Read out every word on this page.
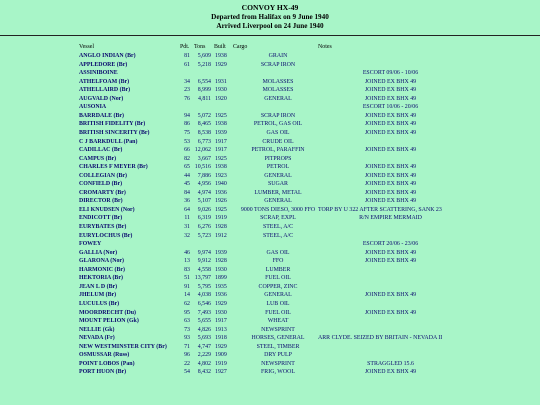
CONVOY HX-49
Departed from Halifax on 9 June 1940
Arrived Liverpool on 24 June 1940
Vessel	Pdt. Tons Built Cargo	Notes
ANGLO INDIAN (Br)	81	5,609 1938	GRAIN
APPLEDORE (Br)	61	5,218 1929	SCRAP IRON
ASSINIBOINE	ESCORT 09/06 - 10/06
ATHELFOAM (Br)	34	6,554 1931	MOLASSES	JOINED EX BHX 49
ATHELLAIRD (Br)	23	8,999 1930	MOLASSES	JOINED EX BHX 49
AUGVALD (Nor)	76	4,811 1920	GENERAL	JOINED EX BHX 49
AUSONIA	ESCORT 10/06 - 20/06
BARRDALE (Br)	94	5,072 1925	SCRAP IRON	JOINED EX BHX 49
BRITISH FIDELITY (Br)	86	8,465 1938	PETROL, GAS OIL	JOINED EX BHX 49
BRITISH SINCERITY (Br)	75	8,538 1939	GAS OIL	JOINED EX BHX 49
C J BARKDULL (Pan)	53	6,773 1917	CRUDE OIL
CADILLAC (Br)	66 12,062 1917	PETROL, PARAFFIN	JOINED EX BHX 49
CAMPUS (Br)	82	3,667 1925	PITPROPS
CHARLES F MEYER (Br)	65 10,516 1938	PETROL	JOINED EX BHX 49
COLLEGIAN (Br)	44	7,886 1923	GENERAL	JOINED EX BHX 49
CONFIELD (Br)	45	4,956 1940	SUGAR	JOINED EX BHX 49
CROMARTY (Br)	84	4,974 1936	LUMBER, METAL	JOINED EX BHX 49
DIRECTOR (Br)	36	5,107 1926	GENERAL	JOINED EX BHX 49
ELI KNUDSEN (Nor)	64	9,026 1925	9000 TONS DIESO, 3000 FFO TORP BY U 322 AFTER SCATTERING, SANK 23
ENDICOTT (Br)	11	6,319 1919	SCRAP, EXPL	R/N EMPIRE MERMAID
EURYBATES (Br)	31	6,276 1928	STEEL, A/C
EURYLOCHUS (Br)	32	5,723 1912	STEEL, A/C
FOWEY	ESCORT 20/06 - 23/06
GALLIA (Nor)	46	9,974 1939	GAS OIL	JOINED EX BHX 49
GLARONA (Nor)	13	9,912 1928	FFO	JOINED EX BHX 49
HARMONIC (Br)	83	4,558 1930	LUMBER
HEKTORIA (Br)	51 13,797 1899	FUEL OIL
JEAN L D (Br)	91	5,795 1935	COPPER, ZINC
JHELUM (Br)	14	4,038 1936	GENERAL	JOINED EX BHX 49
LUCULUS (Br)	62	6,546 1929	LUB OIL
MOORDRECHT (Du)	95	7,493 1930	FUEL OIL	JOINED EX BHX 49
MOUNT PELION (Gk)	63	5,655 1917	WHEAT
NELLIE (Gk)	73	4,826 1913	NEWSPRINT
NEVADA (Fr)	93	5,693 1918	HORSES, GENERAL	ARR CLYDE. SEIZED BY BRITAIN - NEVADA II
NEW WESTMINSTER CITY (Br)	71	4,747 1929	STEEL, TIMBER
OSMUSSAR (Russ)	96	2,229 1909	DRY PULP
POINT LOBOS (Pan)	22	4,802 1919	NEWSPRINT	STRAGGLED 15.6
PORT HUON (Br)	54	8,432 1927	FRIG, WOOL	JOINED EX BHX 49
